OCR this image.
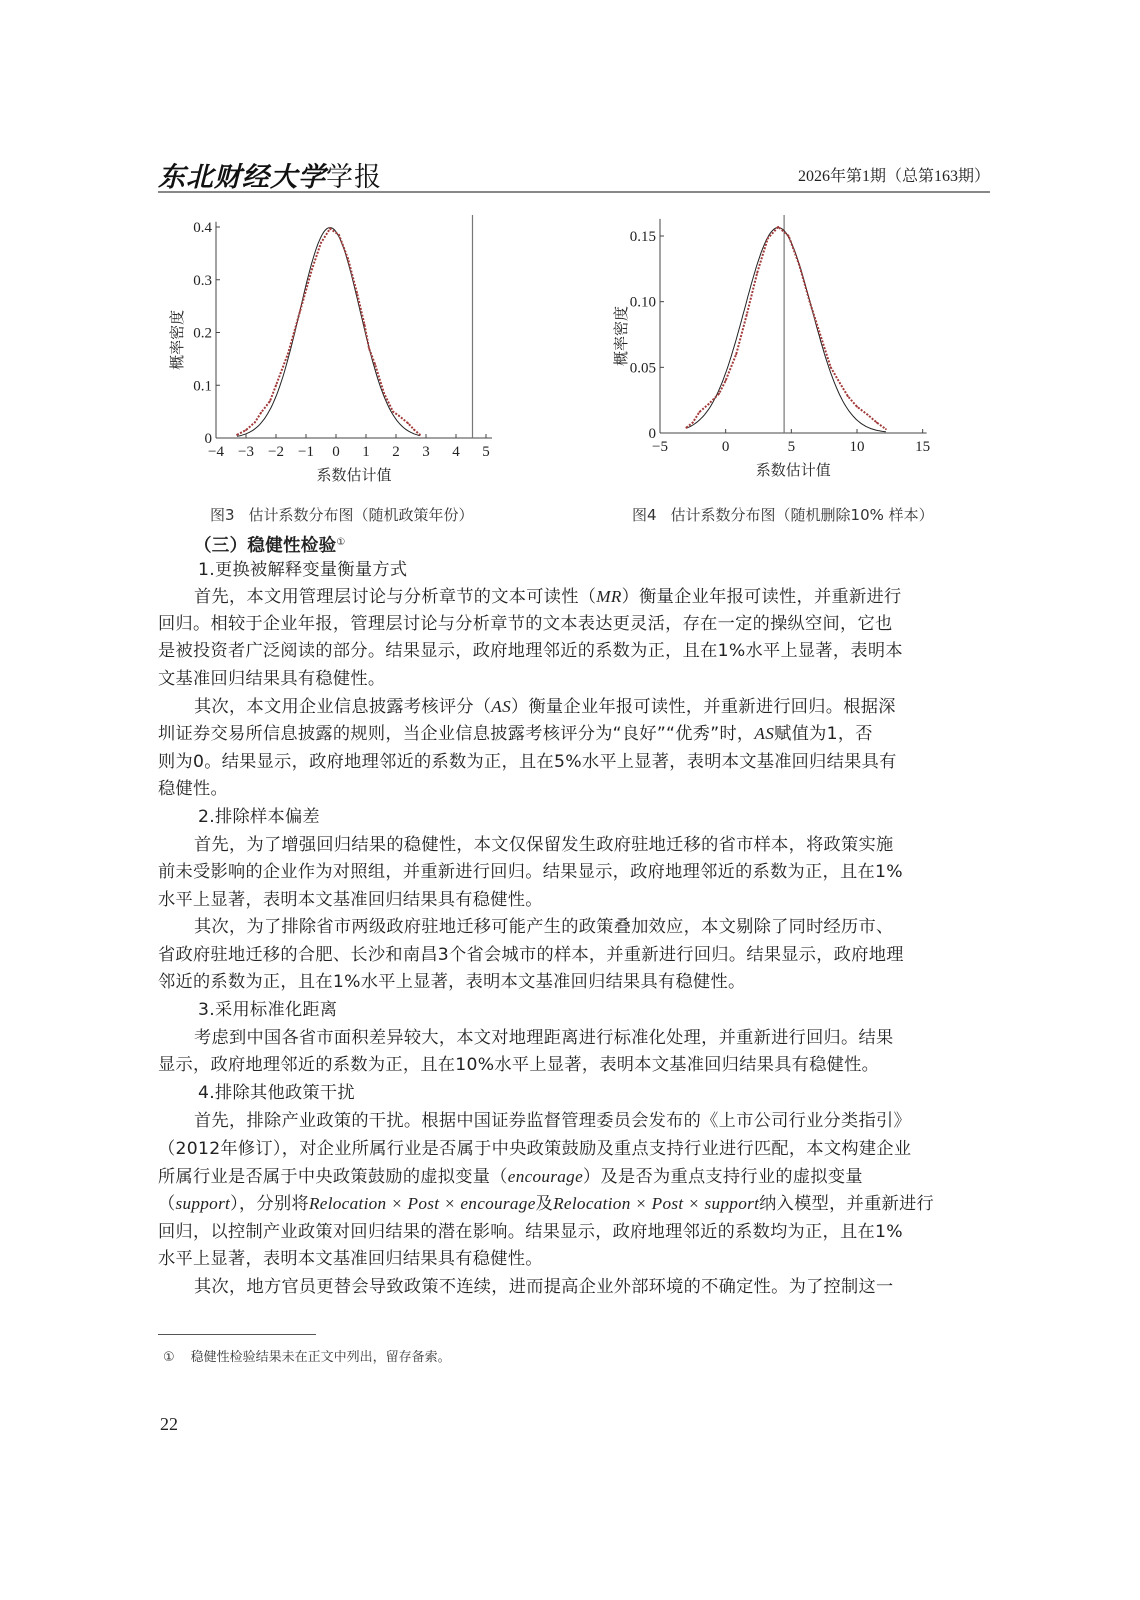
东北财经大学学报	2026年第1期（总第163期）
0
0.1
0.2
0.3
0.4
−4 −3 −2 −1 0 1 2 3 4 5
系数估计值
概率密度
0
0.05
0.10
0.15
−5	0	5	10	15
系数估计值
概率密度
图3 估计系数分布图（随机政策年份）	图4 估计系数分布图（随机删除10% 样本）
（三）稳健性检验①
1.更换被解释变量衡量方式
首先，本文用管理层讨论与分析章节的文本可读性（MR）衡量企业年报可读性，并重新进行
回归。相较于企业年报，管理层讨论与分析章节的文本表达更灵活，存在一定的操纵空间，它也
是被投资者广泛阅读的部分。结果显示，政府地理邻近的系数为正，且在1%水平上显著，表明本
文基准回归结果具有稳健性。
其次，本文用企业信息披露考核评分（AS）衡量企业年报可读性，并重新进行回归。根据深
圳证券交易所信息披露的规则，当企业信息披露考核评分为“良好”“优秀”时，AS赋值为1，否
则为0。结果显示，政府地理邻近的系数为正，且在5%水平上显著，表明本文基准回归结果具有
稳健性。
2.排除样本偏差
首先，为了增强回归结果的稳健性，本文仅保留发生政府驻地迁移的省市样本，将政策实施
前未受影响的企业作为对照组，并重新进行回归。结果显示，政府地理邻近的系数为正，且在1%
水平上显著，表明本文基准回归结果具有稳健性。
其次，为了排除省市两级政府驻地迁移可能产生的政策叠加效应，本文剔除了同时经历市、
省政府驻地迁移的合肥、长沙和南昌3个省会城市的样本，并重新进行回归。结果显示，政府地理
邻近的系数为正，且在1%水平上显著，表明本文基准回归结果具有稳健性。
3.采用标准化距离
考虑到中国各省市面积差异较大，本文对地理距离进行标准化处理，并重新进行回归。结果
显示，政府地理邻近的系数为正，且在10%水平上显著，表明本文基准回归结果具有稳健性。
4.排除其他政策干扰
首先，排除产业政策的干扰。根据中国证券监督管理委员会发布的《上市公司行业分类指引》
（2012年修订），对企业所属行业是否属于中央政策鼓励及重点支持行业进行匹配，本文构建企业
所属行业是否属于中央政策鼓励的虚拟变量（encourage）及是否为重点支持行业的虚拟变量
（support），分别将Relocation × Post × encourage及Relocation × Post × support纳入模型，并重新进行
回归，以控制产业政策对回归结果的潜在影响。结果显示，政府地理邻近的系数均为正，且在1%
水平上显著，表明本文基准回归结果具有稳健性。
其次，地方官员更替会导致政策不连续，进而提高企业外部环境的不确定性。为了控制这一
① 稳健性检验结果未在正文中列出，留存备索。
22
